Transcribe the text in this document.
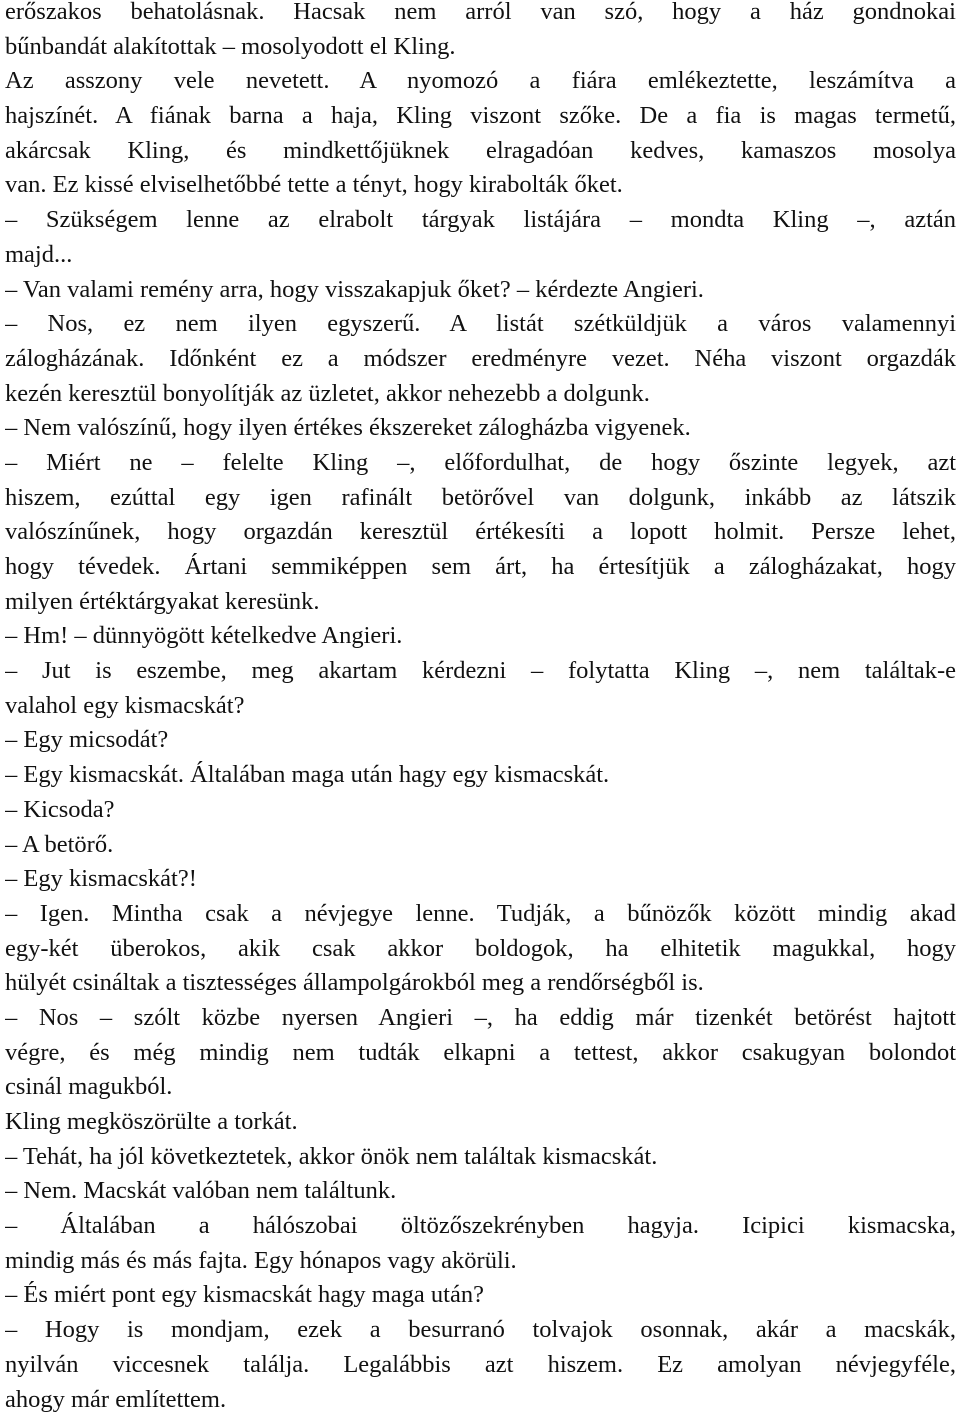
erőszakos behatolásnak. Hacsak nem arról van szó, hogy a ház gondnokai
bűnbandát alakítottak – mosolyodott el Kling.
Az asszony vele nevetett. A nyomozó a fiára emlékeztette, leszámítva a
hajszínét. A fiának barna a haja, Kling viszont szőke. De a fia is magas termetű,
akárcsak Kling, és mindkettőjüknek elragadóan kedves, kamaszos mosolya
van. Ez kissé elviselhetőbbé tette a tényt, hogy kirabolták őket.
– Szükségem lenne az elrabolt tárgyak listájára – mondta Kling –, aztán
majd...
– Van valami remény arra, hogy visszakapjuk őket? – kérdezte Angieri.
– Nos, ez nem ilyen egyszerű. A listát szétküldjük a város valamennyi
zálogházának. Időnként ez a módszer eredményre vezet. Néha viszont orgazdák
kezén keresztül bonyolítják az üzletet, akkor nehezebb a dolgunk.
– Nem valószínű, hogy ilyen értékes ékszereket zálogházba vigyenek.
– Miért ne – felelte Kling –, előfordulhat, de hogy őszinte legyek, azt
hiszem, ezúttal egy igen rafinált betörővel van dolgunk, inkább az látszik
valószínűnek, hogy orgazdán keresztül értékesíti a lopott holmit. Persze lehet,
hogy tévedek. Ártani semmiképpen sem árt, ha értesítjük a zálogházakat, hogy
milyen értéktárgyakat keresünk.
– Hm! – dünnyögött kételkedve Angieri.
– Jut is eszembe, meg akartam kérdezni – folytatta Kling –, nem találtak-e
valahol egy kismacskát?
– Egy micsodát?
– Egy kismacskát. Általában maga után hagy egy kismacskát.
– Kicsoda?
– A betörő.
– Egy kismacskát?!
– Igen. Mintha csak a névjegye lenne. Tudják, a bűnözők között mindig akad
egy-két überokos, akik csak akkor boldogok, ha elhitetik magukkal, hogy
hülyét csináltak a tisztességes állampolgárokból meg a rendőrségből is.
– Nos – szólt közbe nyersen Angieri –, ha eddig már tizenkét betörést hajtott
végre, és még mindig nem tudták elkapni a tettest, akkor csakugyan bolondot
csinál magukból.
Kling megköszörülte a torkát.
– Tehát, ha jól következtetek, akkor önök nem találtak kismacskát.
– Nem. Macskát valóban nem találtunk.
– Általában a hálószobai öltözőszekrényben hagyja. Icipici kismacska,
mindig más és más fajta. Egy hónapos vagy akörüli.
– És miért pont egy kismacskát hagy maga után?
– Hogy is mondjam, ezek a besurranó tolvajok osonnak, akár a macskák,
nyilván viccesnek találja. Legalábbis azt hiszem. Ez amolyan névjegyféle,
ahogy már említettem.
